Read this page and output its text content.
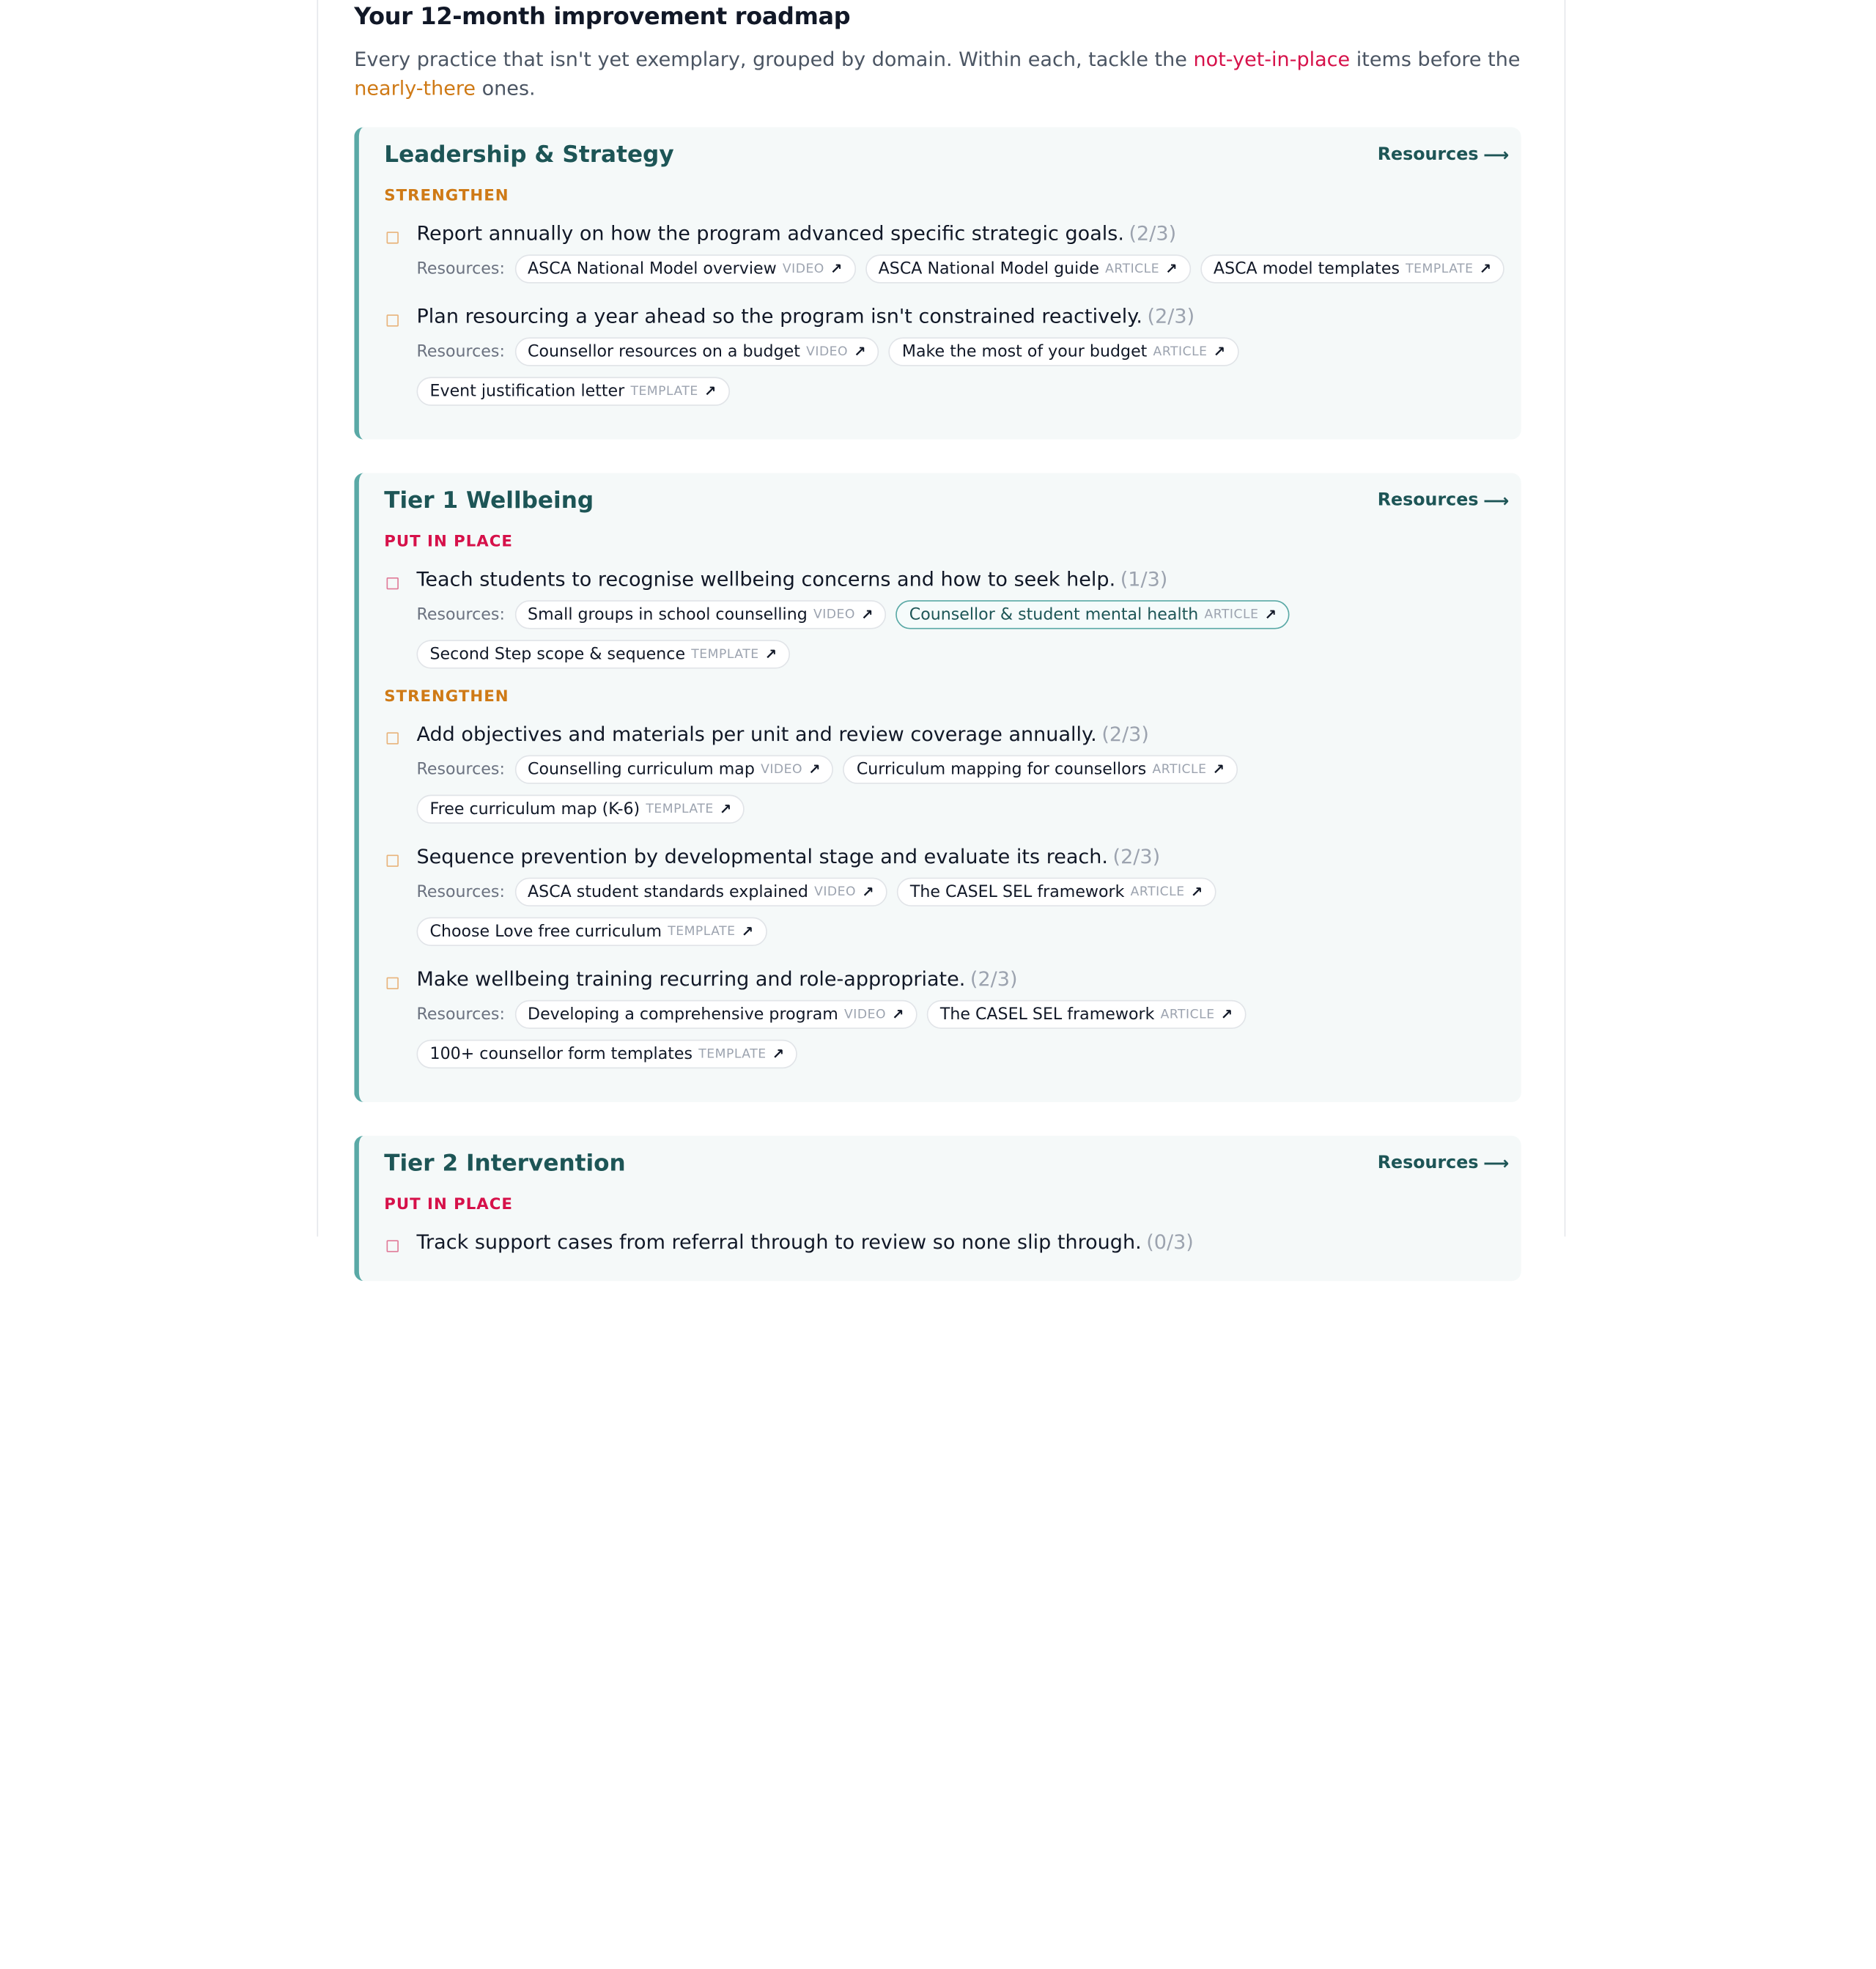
Your 12-month improvement roadmap

Every practice that isn't yet exemplary, grouped by domain. Within each, tackle the not-yet-in-place items before the nearly-there ones.

Leadership & Strategy	Resources ⟶
STRENGTHEN
Report annually on how the program advanced specific strategic goals. (2/3)
Resources: ASCA National Model overview VIDEO ↗	ASCA National Model guide ARTICLE ↗	ASCA model templates TEMPLATE ↗
Plan resourcing a year ahead so the program isn't constrained reactively. (2/3)
Resources: Counsellor resources on a budget VIDEO ↗	Make the most of your budget ARTICLE ↗
Event justification letter TEMPLATE ↗
Tier 1 Wellbeing	Resources ⟶
PUT IN PLACE
Teach students to recognise wellbeing concerns and how to seek help. (1/3)
Resources: Small groups in school counselling VIDEO ↗	Counsellor & student mental health ARTICLE ↗
Second Step scope & sequence TEMPLATE ↗
STRENGTHEN
Add objectives and materials per unit and review coverage annually. (2/3)
Resources: Counselling curriculum map VIDEO ↗	Curriculum mapping for counsellors ARTICLE ↗
Free curriculum map (K-6) TEMPLATE ↗
Sequence prevention by developmental stage and evaluate its reach. (2/3)
Resources: ASCA student standards explained VIDEO ↗	The CASEL SEL framework ARTICLE ↗
Choose Love free curriculum TEMPLATE ↗
Make wellbeing training recurring and role-appropriate. (2/3)
Resources: Developing a comprehensive program VIDEO ↗	The CASEL SEL framework ARTICLE ↗
100+ counsellor form templates TEMPLATE ↗
Tier 2 Intervention	Resources ⟶
PUT IN PLACE
Track support cases from referral through to review so none slip through. (0/3)
